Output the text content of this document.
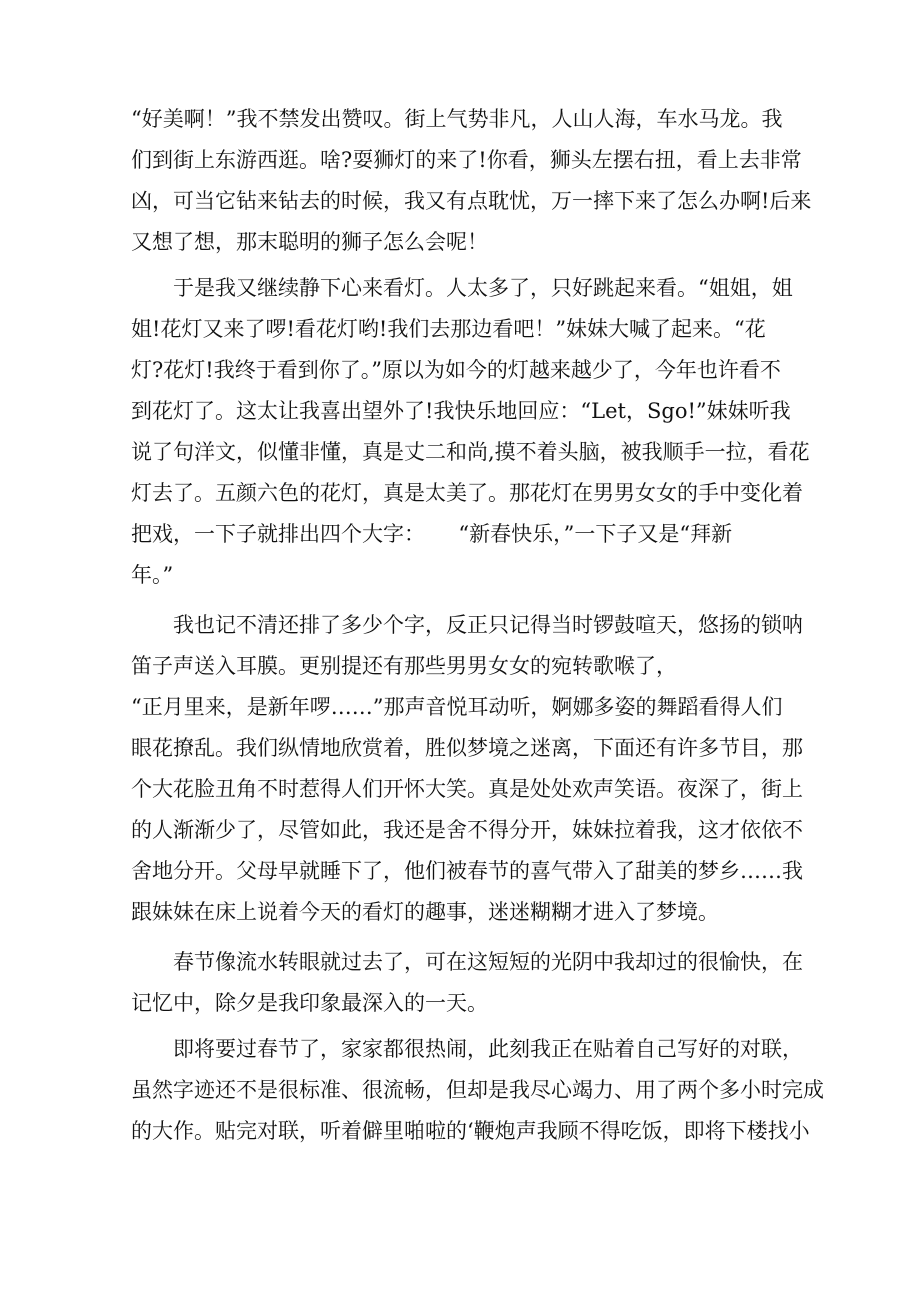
“好美啊！”我不禁发出赞叹。街上气势非凡，人山人海，车水马龙。我
们到街上东游西逛。啥?耍狮灯的来了!你看，狮头左摆右扭，看上去非常
凶，可当它钻来钻去的时候，我又有点耽忧，万一摔下来了怎么办啊!后来
又想了想，那末聪明的狮子怎么会呢！
于是我又继续静下心来看灯。人太多了，只好跳起来看。“姐姐，姐
姐!花灯又来了啰!看花灯哟!我们去那边看吧！”妹妹大喊了起来。“花
灯?花灯!我终于看到你了。”原以为如今的灯越来越少了，今年也许看不
到花灯了。这太让我喜出望外了!我快乐地回应：“Let，Sgo!”妹妹听我
说了句洋文，似懂非懂，真是丈二和尚,摸不着头脑，被我顺手一拉，看花
灯去了。五颜六色的花灯，真是太美了。那花灯在男男女女的手中变化着
把戏，一下子就排出四个大字：     “新春快乐，”一下子又是“拜新
年。”
我也记不清还排了多少个字，反正只记得当时锣鼓喧天，悠扬的锁呐
笛子声送入耳膜。更别提还有那些男男女女的宛转歌喉了，
“正月里来，是新年啰……”那声音悦耳动听，婀娜多姿的舞蹈看得人们
眼花撩乱。我们纵情地欣赏着，胜似梦境之迷离，下面还有许多节目，那
个大花脸丑角不时惹得人们开怀大笑。真是处处欢声笑语。夜深了，街上
的人渐渐少了，尽管如此，我还是舍不得分开，妹妹拉着我，这才依依不
舍地分开。父母早就睡下了，他们被春节的喜气带入了甜美的梦乡……我
跟妹妹在床上说着今天的看灯的趣事，迷迷糊糊才进入了梦境。
春节像流水转眼就过去了，可在这短短的光阴中我却过的很愉快，在
记忆中，除夕是我印象最深入的一天。
即将要过春节了，家家都很热闹，此刻我正在贴着自己写好的对联，
虽然字迹还不是很标准、很流畅，但却是我尽心竭力、用了两个多小时完成
的大作。贴完对联，听着僻里啪啦的‘鞭炮声我顾不得吃饭，即将下楼找小
